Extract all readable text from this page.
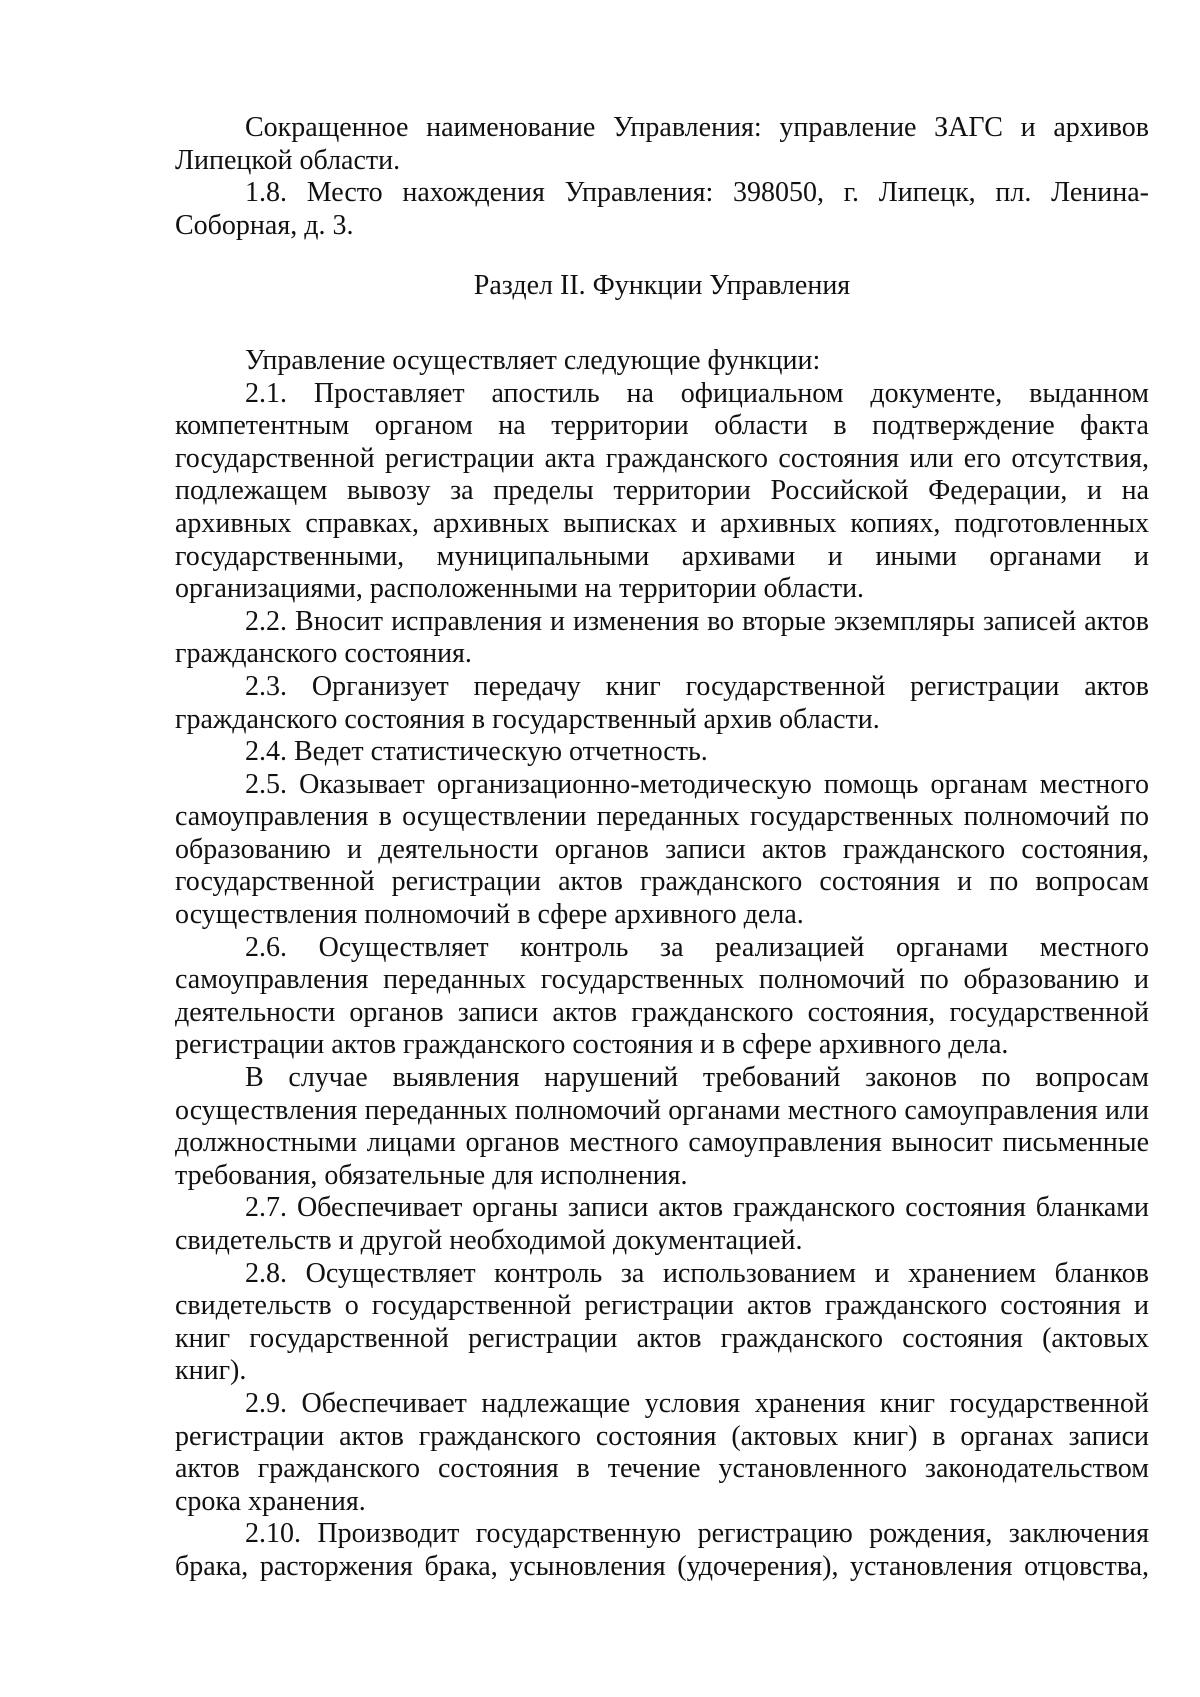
Сокращенное наименование Управления: управление ЗАГС и архивов Липецкой области.

1.8. Место нахождения Управления: 398050, г. Липецк, пл. Ленина-Соборная, д. 3.

Раздел II. Функции Управления

Управление осуществляет следующие функции:

2.1. Проставляет апостиль на официальном документе, выданном компетентным органом на территории области в подтверждение факта государственной регистрации акта гражданского состояния или его отсутствия, подлежащем вывозу за пределы территории Российской Федерации, и на архивных справках, архивных выписках и архивных копиях, подготовленных государственными, муниципальными архивами и иными органами и организациями, расположенными на территории области.

2.2. Вносит исправления и изменения во вторые экземпляры записей актов гражданского состояния.

2.3. Организует передачу книг государственной регистрации актов гражданского состояния в государственный архив области.

2.4. Ведет статистическую отчетность.

2.5. Оказывает организационно-методическую помощь органам местного самоуправления в осуществлении переданных государственных полномочий по образованию и деятельности органов записи актов гражданского состояния, государственной регистрации актов гражданского состояния и по вопросам осуществления полномочий в сфере архивного дела.

2.6. Осуществляет контроль за реализацией органами местного самоуправления переданных государственных полномочий по образованию и деятельности органов записи актов гражданского состояния, государственной регистрации актов гражданского состояния и в сфере архивного дела.

В случае выявления нарушений требований законов по вопросам осуществления переданных полномочий органами местного самоуправления или должностными лицами органов местного самоуправления выносит письменные требования, обязательные для исполнения.

2.7. Обеспечивает органы записи актов гражданского состояния бланками свидетельств и другой необходимой документацией.

2.8. Осуществляет контроль за использованием и хранением бланков свидетельств о государственной регистрации актов гражданского состояния и книг государственной регистрации актов гражданского состояния (актовых книг).

2.9. Обеспечивает надлежащие условия хранения книг государственной регистрации актов гражданского состояния (актовых книг) в органах записи актов гражданского состояния в течение установленного законодательством срока хранения.

2.10. Производит государственную регистрацию рождения, заключения брака, расторжения брака, усыновления (удочерения), установления отцовства,
